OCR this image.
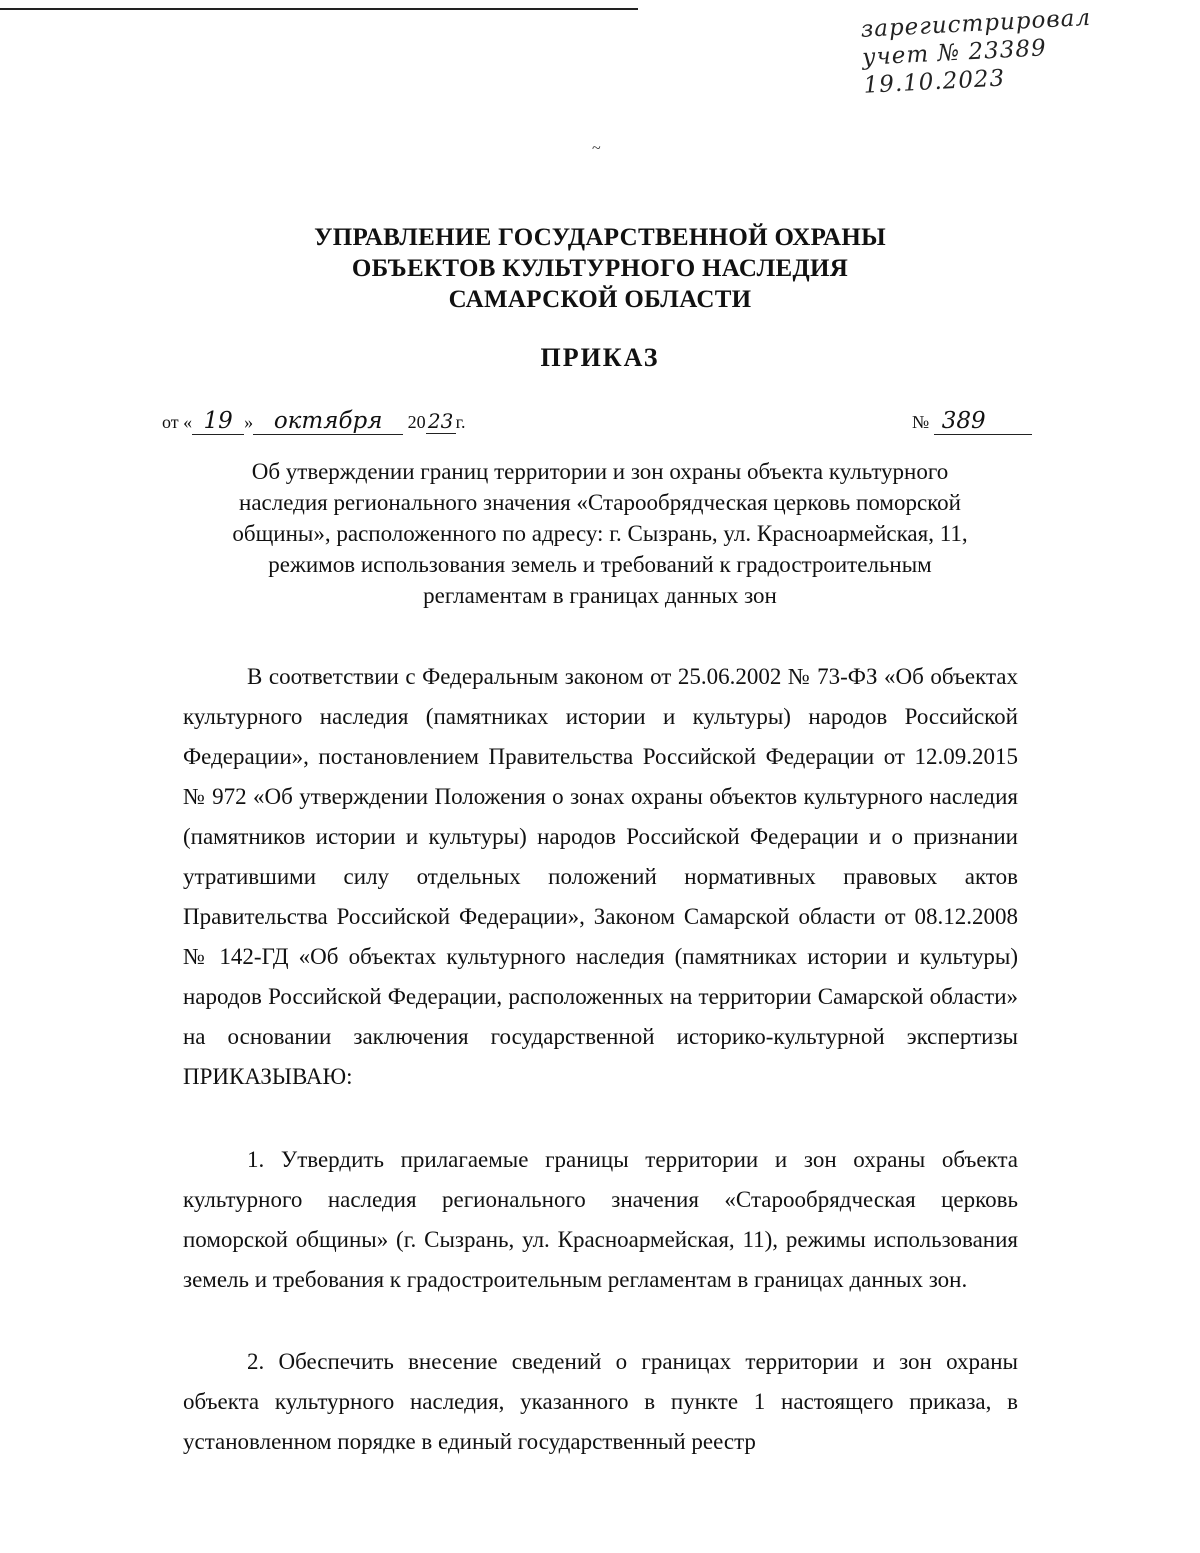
зарегистрировал
учет № 23389
19.10.2023
~
УПРАВЛЕНИЕ ГОСУДАРСТВЕННОЙ ОХРАНЫ
ОБЪЕКТОВ КУЛЬТУРНОГО НАСЛЕДИЯ
САМАРСКОЙ ОБЛАСТИ
ПРИКАЗ
от « 19 » октября 20 23 г.	№ 389
Об утверждении границ территории и зон охраны объекта культурного
наследия регионального значения «Старообрядческая церковь поморской
общины», расположенного по адресу: г. Сызрань, ул. Красноармейская, 11,
режимов использования земель и требований к градостроительным
регламентам в границах данных зон

В соответствии с Федеральным законом от 25.06.2002 № 73-ФЗ «Об объектах культурного наследия (памятниках истории и культуры) народов Российской Федерации», постановлением Правительства Российской Федерации от 12.09.2015 № 972 «Об утверждении Положения о зонах охраны объектов культурного наследия (памятников истории и культуры) народов Российской Федерации и о признании утратившими силу отдельных положений нормативных правовых актов Правительства Российской Федерации», Законом Самарской области от 08.12.2008 № 142-ГД «Об объектах культурного наследия (памятниках истории и культуры) народов Российской Федерации, расположенных на территории Самарской области» на основании заключения государственной историко-культурной экспертизы ПРИКАЗЫВАЮ:

1. Утвердить прилагаемые границы территории и зон охраны объекта культурного наследия регионального значения «Старообрядческая церковь поморской общины» (г. Сызрань, ул. Красноармейская, 11), режимы использования земель и требования к градостроительным регламентам в границах данных зон.

2. Обеспечить внесение сведений о границах территории и зон охраны объекта культурного наследия, указанного в пункте 1 настоящего приказа, в установленном порядке в единый государственный реестр
